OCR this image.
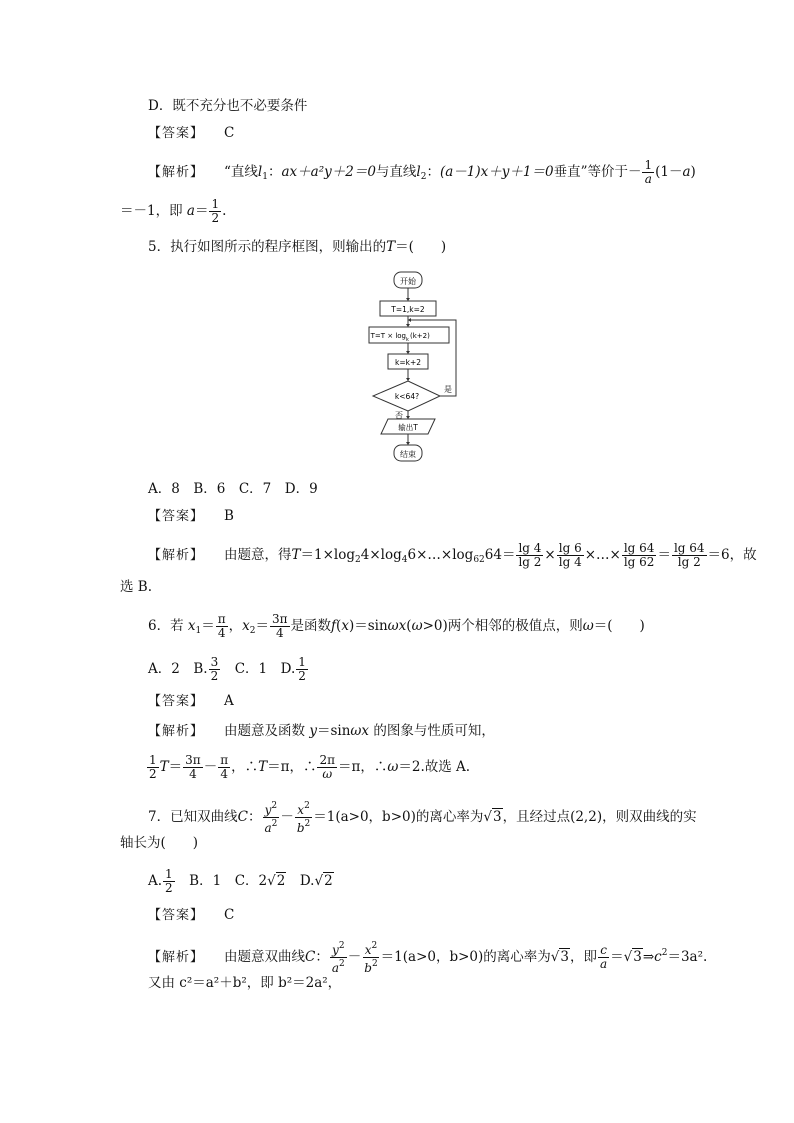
D．既不充分也不必要条件
【答案】 C
【解析】 “直线$l_1$：ax＋a²y＋2＝0与直线$l_2$：(a－1)x＋y＋1＝0垂直”等价于－ $\frac{1}{a} (1-a)$
＝－1，即 $a= \frac{1}{2}$ .
5．执行如图所示的程序框图，则输出的T＝(　　)
开始
T=1,k=2
T=T × log k (k+2)
k=k+2
k<64?
是
否
输出T
结束
A．8　B．6　C．7　D．9
【答案】 B
【解析】 由题意，得$T=1\times\log_24\times\log_46\times\dots\times\log_{62}64= \frac{\lg 4}{\lg 2} \times \frac{\lg 6}{\lg 4}$ ×…× $\frac{\lg 64}{\lg 62} = \frac{\lg 64}{\lg 2} =6$，故
选 B.
6．若 $x_1= \frac{\pi}{4}$ ，$x_2= \frac{3\pi}{4}$ 是函数f(x)＝sinωx(ω>0)两个相邻的极值点，则ω＝(　　)
A．2　B. $\frac{3}{2}$ 　C．1　D. $\frac{1}{2}$
【答案】 A
【解析】 由题意及函数 y＝sinωx 的图象与性质可知，
$\frac{1}{2} T= \frac{3\pi}{4} - \frac{\pi}{4}$ ，∴T＝π，∴ $\frac{2\pi}{\omega} =\pi$，∴ω＝2.故选 A.
7．已知双曲线C： $\frac{y^2}{a^2} - \frac{x^2}{b^2} =1(a>0$，b>0)的离心率为√3，且经过点(2,2)，则双曲线的实
轴长为(　　)
A. $\frac{1}{2}$ 　B．1　C．2√2　D.√2
【答案】 C
【解析】 由题意双曲线C： $\frac{y^2}{a^2} - \frac{x^2}{b^2} =1(a>0$，b>0)的离心率为√3，即 $\frac{c}{a}$ $=√3\Rightarrow c^2=3a^2$.
又由 c²＝a²＋b²，即 b²＝2a²，
